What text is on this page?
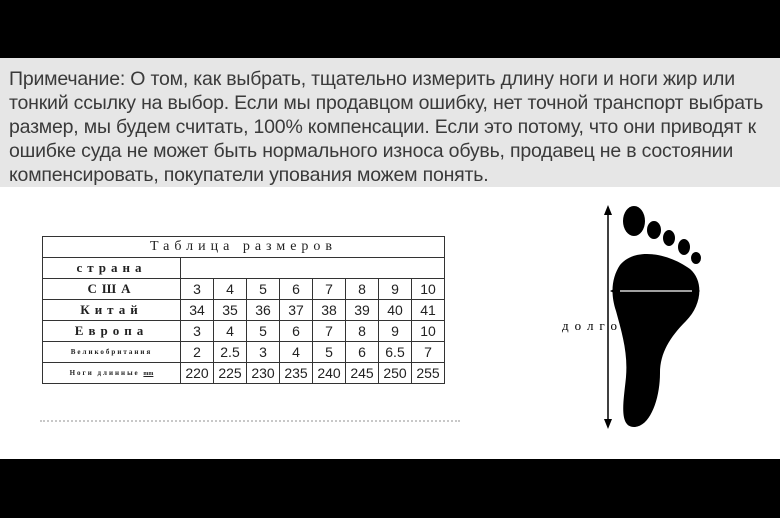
Примечание: О том, как выбрать, тщательно измерить длину ноги и ноги жир или тонкий ссылку на выбор. Если мы продавцом ошибку, нет точной транспорт выбрать размер, мы будем считать, 100% компенсации. Если это потому, что они приводят к ошибке суда не может быть нормального износа обувь, продавец не в состоянии компенсировать, покупатели упования можем понять.

Таблица размеров								
страна								
США	3	4	5	6	7	8	9	10
Китай	34	35	36	37	38	39	40	41
Европа	3	4	5	6	7	8	9	10
Великобритания	2	2.5	3	4	5	6	6.5	7
Ноги длинные mm	220	225	230	235	240	245	250	255
долго
